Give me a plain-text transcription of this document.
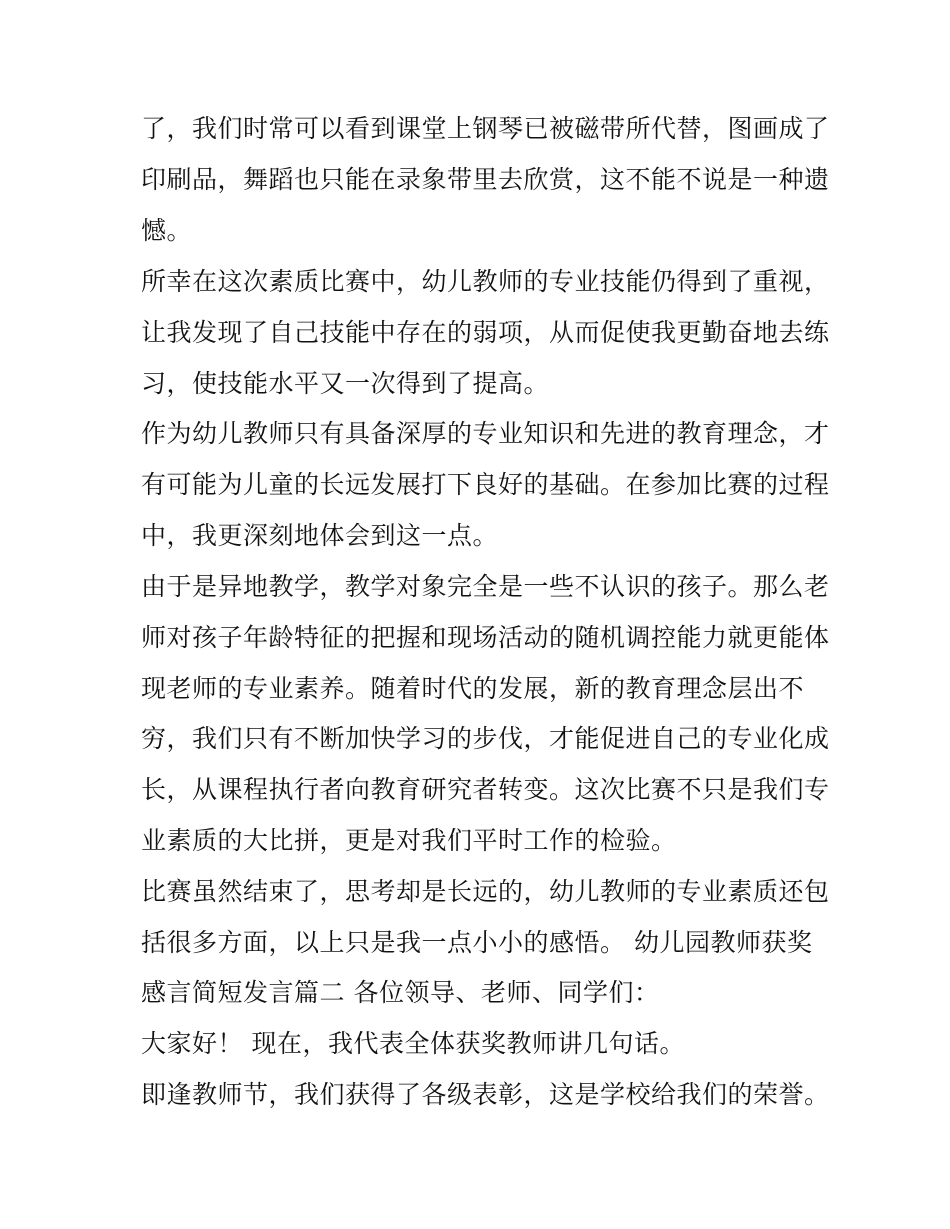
了，我们时常可以看到课堂上钢琴已被磁带所代替，图画成了
印刷品，舞蹈也只能在录象带里去欣赏，这不能不说是一种遗
憾。
所幸在这次素质比赛中，幼儿教师的专业技能仍得到了重视，
让我发现了自己技能中存在的弱项，从而促使我更勤奋地去练
习，使技能水平又一次得到了提高。
作为幼儿教师只有具备深厚的专业知识和先进的教育理念，才
有可能为儿童的长远发展打下良好的基础。在参加比赛的过程
中，我更深刻地体会到这一点。
由于是异地教学，教学对象完全是一些不认识的孩子。那么老
师对孩子年龄特征的把握和现场活动的随机调控能力就更能体
现老师的专业素养。随着时代的发展，新的教育理念层出不
穷，我们只有不断加快学习的步伐，才能促进自己的专业化成
长，从课程执行者向教育研究者转变。这次比赛不只是我们专
业素质的大比拼，更是对我们平时工作的检验。
比赛虽然结束了，思考却是长远的，幼儿教师的专业素质还包
括很多方面，以上只是我一点小小的感悟。 幼儿园教师获奖
感言简短发言篇二 各位领导、老师、同学们：
大家好！ 现在，我代表全体获奖教师讲几句话。
即逢教师节，我们获得了各级表彰，这是学校给我们的荣誉。
